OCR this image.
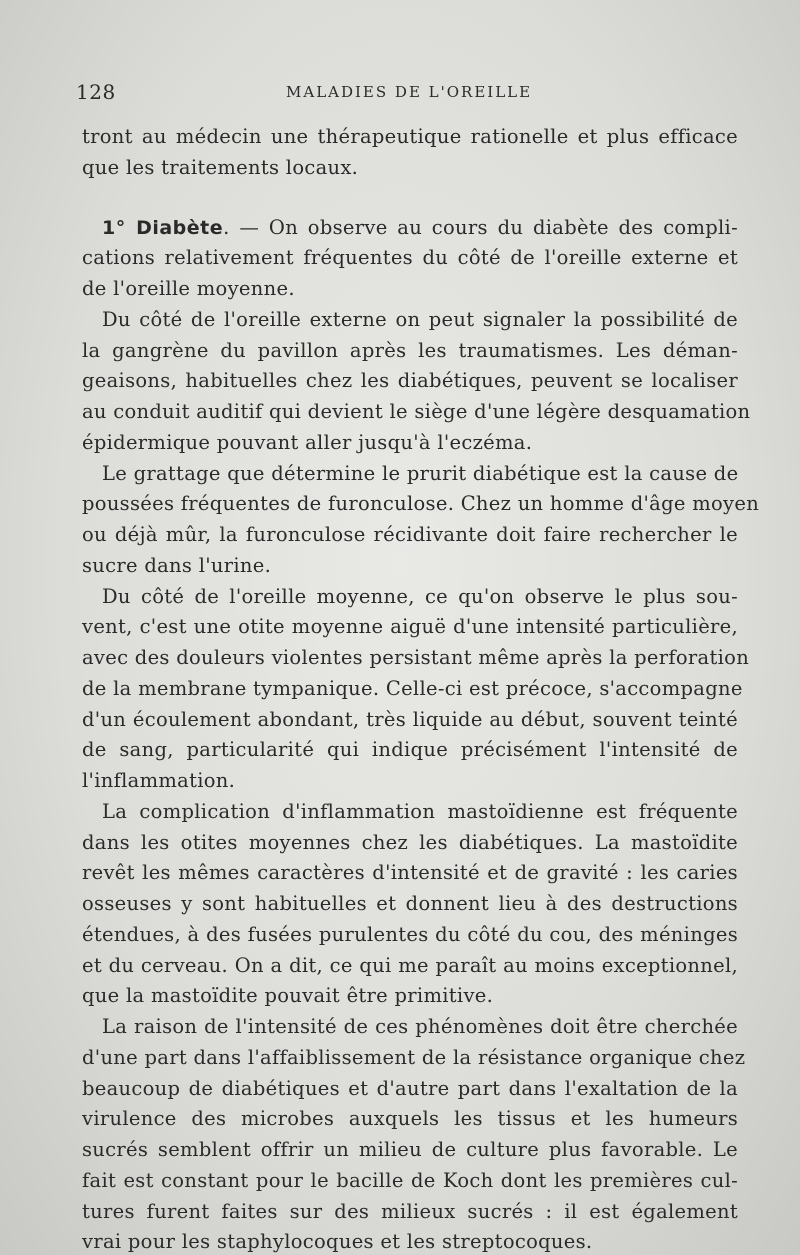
128	MALADIES DE L'OREILLE
tront au médecin une thérapeutique rationelle et plus efficace
que les traitements locaux.
1° Diabète. — On observe au cours du diabète des compli-
cations relativement fréquentes du côté de l'oreille externe et
de l'oreille moyenne.
Du côté de l'oreille externe on peut signaler la possibilité de
la gangrène du pavillon après les traumatismes. Les déman-
geaisons, habituelles chez les diabétiques, peuvent se localiser
au conduit auditif qui devient le siège d'une légère desquamation
épidermique pouvant aller jusqu'à l'eczéma.
Le grattage que détermine le prurit diabétique est la cause de
poussées fréquentes de furonculose. Chez un homme d'âge moyen
ou déjà mûr, la furonculose récidivante doit faire rechercher le
sucre dans l'urine.
Du côté de l'oreille moyenne, ce qu'on observe le plus sou-
vent, c'est une otite moyenne aiguë d'une intensité particulière,
avec des douleurs violentes persistant même après la perforation
de la membrane tympanique. Celle-ci est précoce, s'accompagne
d'un écoulement abondant, très liquide au début, souvent teinté
de sang, particularité qui indique précisément l'intensité de
l'inflammation.
La complication d'inflammation mastoïdienne est fréquente
dans les otites moyennes chez les diabétiques. La mastoïdite
revêt les mêmes caractères d'intensité et de gravité : les caries
osseuses y sont habituelles et donnent lieu à des destructions
étendues, à des fusées purulentes du côté du cou, des méninges
et du cerveau. On a dit, ce qui me paraît au moins exceptionnel,
que la mastoïdite pouvait être primitive.
La raison de l'intensité de ces phénomènes doit être cherchée
d'une part dans l'affaiblissement de la résistance organique chez
beaucoup de diabétiques et d'autre part dans l'exaltation de la
virulence des microbes auxquels les tissus et les humeurs
sucrés semblent offrir un milieu de culture plus favorable. Le
fait est constant pour le bacille de Koch dont les premières cul-
tures furent faites sur des milieux sucrés : il est également
vrai pour les staphylocoques et les streptocoques.
